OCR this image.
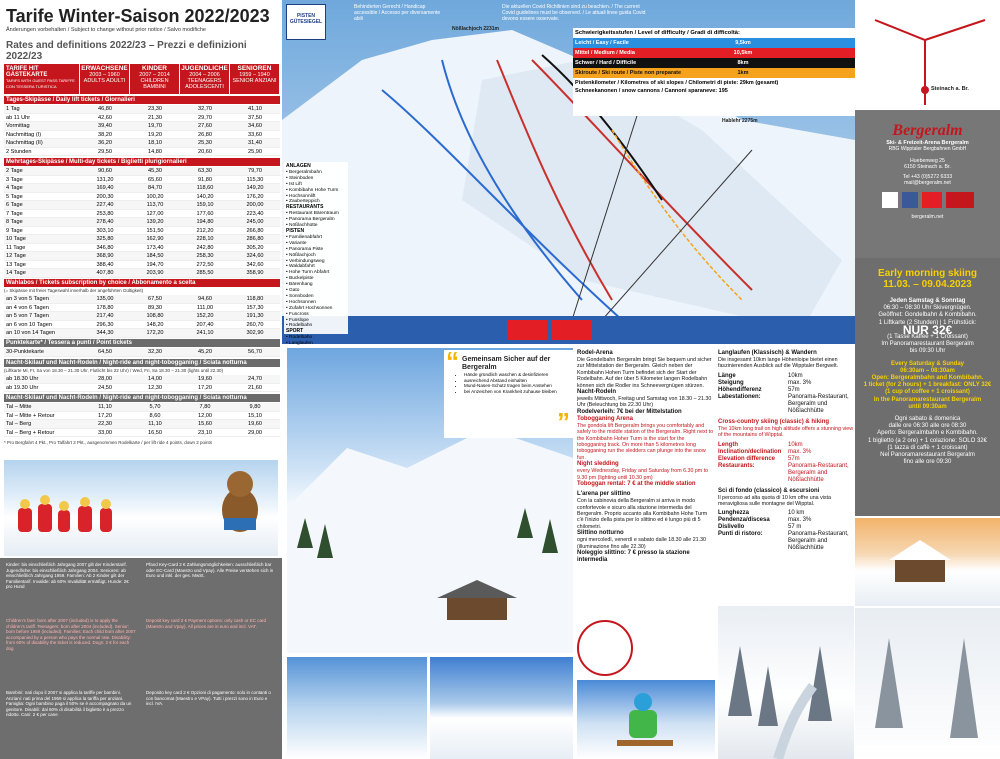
Tarife Winter-Saison 2022/2023
Änderungen vorbehalten / Subject to change without prior notice / Salvo modifiche
Rates and definitions 2022/23 – Prezzi e definizioni 2022/23
TARIFE HIT GÄSTEKARTE
TARIFS WITH GUEST PASS TARIFFE CON TESSERA TURISTICA
ERWACHSENE
2003 – 1960
ADULTS ADULTI
KINDER
2007 – 2014
CHILDREN BAMBINI
JUGENDLICHE
2004 – 2006
TEENAGERS ADOLESCENTI
SENIOREN
1959 – 1940
SENIOR ANZIANI
Tages-Skipässe / Daily lift tickets / Giornalieri
1 Tag	46,80	23,30	32,70	41,10
ab 11 Uhr	42,60	21,30	29,70	37,50
Vormittag	39,40	19,70	27,60	34,60
Nachmittag (I)	38,20	19,20	26,80	33,60
Nachmittag (II)	36,20	18,10	25,30	31,40
2 Stunden	29,50	14,80	20,60	25,90
Mehrtages-Skipässe / Multi-day tickets / Biglietti plurigiornalieri
2 Tage	90,60	45,30	63,30	79,70
3 Tage	131,20	65,60	91,80	115,30
4 Tage	169,40	84,70	118,60	149,20
5 Tage	200,30	100,20	140,20	176,20
6 Tage	227,40	113,70	159,10	200,00
7 Tage	253,80	127,00	177,60	223,40
8 Tage	278,40	139,20	194,80	245,00
9 Tage	303,10	151,50	212,20	266,80
10 Tage	325,80	162,90	228,10	286,80
11 Tage	346,80	173,40	242,80	305,20
12 Tage	368,90	184,50	258,30	324,60
13 Tage	388,40	194,70	272,50	342,60
14 Tage	407,80	203,90	285,50	358,90
Wahlabos / Tickets subscription by choice / Abbonamento a scelta
(= Skipässe mit freier Tageswahl innerhalb der angeführten Gültigkeit)
an 3 von 5 Tagen	135,00	67,50	94,60	118,80
an 4 von 6 Tagen	178,80	89,30	111,00	157,30
an 5 von 7 Tagen	217,40	108,80	152,20	191,30
an 6 von 10 Tagen	296,30	148,20	207,40	260,70
an 10 von 14 Tagen	344,30	172,20	241,10	302,90
Punktekarte* / Tessera a punti / Point tickets
30-Punktekarte	64,50	32,30	45,20	56,70
Nacht-Skilauf und Nacht-Rodeln / Night-ride and night-tobogganing / Sciata notturna
(Liftkarte Mi, Fr, Sa von 18.30 – 21.30 Uhr, Flutlicht bis 22 Uhr) / Wed, Fri, Sa 18.30 – 21.30 (lights until 22.30)
ab 18.30 Uhr	28,00	14,00	19,60	24,70
ab 19.30 Uhr	24,50	12,30	17,20	21,60
Nacht-Skilauf und Nacht-Rodeln / Night-ride and night-tobogganing / Sciata notturna
Tal – Mitte	11,10	5,70	7,80	9,80
Tal – Mitte + Retour	17,20	8,60	12,00	15,10
Tal – Berg	22,30	11,10	15,60	19,60
Tal – Berg + Retour	33,00	16,50	23,10	29,00
* Pro Bergfahrt 4 Pkt., Pro Talfahrt 2 Pkt., ausgenommen Rodelkarte / per lift ride 4 points, down 2 points
Kinder: bis einschließlich Jahrgang 2007 gilt der Kinderstarif. Jugendliche: bis einschließlich Jahrgang 2004. Senioren: ab einschließlich Jahrgang 1959. Familien: Ab 2 Kinder gilt der Familientarif. Invalide: ab 60% Invalidität ermäßigt. Hunde: 2€ pro Hund
Pfand Key-Card 2 € Zahlungsmöglichkeiten: ausschließlich bar oder EC-Card (Maestro und Vpay). Alle Preise verstehen sich in Euro und inkl. der ges. MwSt.
Children's fare: born after 2007 (included) is to apply the children's tariff. Teenagers: born after 2004 (included). Senior: born before 1959 (included). Families: Each child born after 2007 accompanied by a person who pays the normal rate. Disability: from 60% of disability the ticket is reduced. Dogs: 2 € for each dog
Deposit key card 2 € Payment options: only cash or EC card (Maestro and Vpay). All prices are in euro and incl. VAT.
Bambini: nati dopo il 2007 si applica la tariffe per bambini. Anziani: nati prima del 1959 si applica la tariffa per anziani. Famiglia: Ogni bambino paga il 50% se è accompagnato da un genitore. Disabili: dal 60% di disabilità il biglietto è a prezzo ridotto. Cani: 2 € per cane
Deposito key card 2 € Opzioni di pagamento: solo in contanti o con bancomat (Maestro e VPay). Tutti i prezzi sono in Euro e incl. IVA.
PISTEN GÜTESIEGEL
Behinderten Gerecht / Handicap accessible / Accesso per diversamente abili
Die aktuellen Covid Richtlinien sind zu beachten. / The current Covid guidelines must be observed. / Le attuali linee guida Covid devono essere osservate.
Nößlachjoch 2231m
Hablehr 2275m
ANLAGEN
• Bergeralmbahn
• Steinboden
• Ist Lift
• Kombibahn Hohe Turm
• Hochsonnlift
• Zauberteppich
RESTAURANTS
• Restaurant Bärentraum
• Panorama Bergeralm
• Nößlachhütte
PISTEN
• Familienabfahrt
• Variante
• Panorama Piste
• Nößlachjoch
• Verbindungsweg
• Waldabfahrt
• Hohe Turm Abfahrt
• Buckelpiste
• Bärenhang
• Gato
• Sonnboden
• Hochsonnen
• Zufahrt Hochsonnen
• Funcross
• Funslope
• Rodelbahn
SPORT
• Rodelbahn
• Langlaufen
Schwierigkeitsstufen / Level of difficulty / Gradi di difficoltà:
Leicht / Easy / Facile	9,5km
Mittel / Medium / Media	10,5km
Schwer / Hard / Difficile	8km
Skiroute / Ski route / Piste non preparate	1km
Pistenkilometer / Kilometres of ski slopes / Chilometri di piste: 29km (gesamt)
Schneekanonen / snow cannons / Cannoni sparaneve: 195
“
”
Gemeinsam Sicher auf der Bergeralm
• Hände gründlich waschen & desinfizieren
• ausreichend Abstand einhalten
• Mund-Nasen-Schutz tragen beim Anstehen
• bei Anzeichen von Krankheit zuhause bleiben
Rodel-Arena
Die Gondelbahn Bergeralm bringt Sie bequem und sicher zur Mittelstation der Bergeralm. Gleich neben der Kombibahn Hohen Turm befindet sich der Start der Rodelbahn. Auf der über 5 Kilometer langen Rodelbahn können sich die Rodler ins Schneevergnügen stürzen.
Nacht-Rodeln
jeweils Mittwoch, Freitag und Samstag von 18.30 – 21.30 Uhr (Beleuchtung bis 22.30 Uhr)
Rodelverleih: 7€ bei der Mittelstation
Tobogganing Arena
The gondola lift Bergeralm brings you comfortably and safely to the middle station of the Bergeralm. Right next to the Kombibahn Hoher Turm is the start for the tobogganing track. On more than 5 kilometres long tobogganing run the sledders can plunge into the snow fun.
Night sledding
every Wednesday, Friday and Saturday from 6.30 pm to 9.30 pm (lighting until 10.30 pm)
Toboggan rental: 7 € at the middle station
L'arena per slittino
Con la cabinovia della Bergeralm si arriva in modo confortevole e sicuro alla stazione intermedia del Bergeralm. Proprio accanto alla Kombibahn Hohe Turm c'è l'inizio della pista per lo slittino ed è lungo più di 5 chilometri.
Slittino notturno
ogni mercoledì, venerdì e sabato dalle 18.30 alle 21.30 (illuminazione fino alle 22.30)
Noleggio slittino: 7 € presso la stazione intermedia
Langlaufen (Klassisch) & Wandern
Die insgesamt 10km lange Höhenloipe bietet einen faszinierenden Ausblick auf die Wipptaler Bergwelt.
Länge	10km
Steigung	max. 3%
Höhendifferenz	57m
Labestationen:	Panorama-Restaurant, Bergeralm und Nößlachhütte
Cross-country skiing (classic) & hiking
The 10km long trail on high altitude offers a stunning view of the mountains of Wipptal.
Length	10km
Inclination/declination	max. 3%
Elevation difference	57m
Restaurants:	Panorama-Restaurant, Bergeralm and Nößlachhütte
Sci di fondo (classico) & escursioni
Il percorso ad alta quota di 10 km offre una vista meravigliosa sulle montagne del Wipptal.
Lunghezza	10 km
Pendenza/discesa	max. 3%
Dislivello	57 m
Punti di ristoro:	Panorama-Restaurant, Bergeralm and Nößlachhütte
Steinach a. Br.
Bergeralm
Ski- & Freizeit-Arena Bergeralm
RBG Wipptaler Bergbahnen GmbH
Huebenweg 25
6150 Steinach a. Br.
Tel +43 (0)5272 6333
mail@bergeralm.net
bergeralm.net
Early morning skiing
11.03. – 09.04.2023
Jeden Samstag & Sonntag
06:30 – 08:30 Uhr Skivergnügen.
Geöffnet: Gondelbahn & Kombibahn.
1 Liftkarte (2 Stunden) | 1 Frühstück:
NUR 32€
(1 Tasse Kaffee + 1 Croissant)
Im Panoramarestaurant Bergeralm
bis 09:30 Uhr
Every Saturday & Sunday
06:30am – 08:30am
Open: Bergeralmbahn and Kombibahn.
1 ticket (for 2 hours) + 1 breakfast: ONLY 32€
(1 cup of coffee + 1 croissant)
In the Panoramarestaurant Bergeralm
until 09:30am
Ogni sabato & domenica
dalle ore 06:30 alle ore 08:30
Aperto: Bergeralmbahn e Kombibahn.
1 biglietto (a 2 ore) + 1 colazione: SOLO 32€
(1 tazza di caffè + 1 croissant)
Nel Panoramarestaurant Bergeralm
fino alle ore 09:30
